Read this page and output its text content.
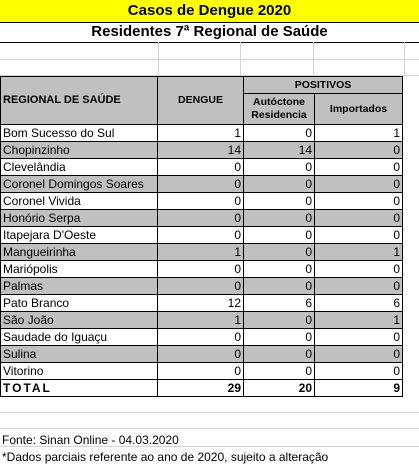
Casos de Dengue 2020
Residentes 7ª Regional de Saúde
REGIONAL DE SAÚDE	DENGUE	POSITIVOS	
		Autóctone Residencia	Importados
Bom Sucesso do Sul	1	0	1
Chopinzinho	14	14	0
Clevelândia	0	0	0
Coronel Domingos Soares	0	0	0
Coronel Vivida	0	0	0
Honório Serpa	0	0	0
Itapejara D'Oeste	0	0	0
Mangueirinha	1	0	1
Mariópolis	0	0	0
Palmas	0	0	0
Pato Branco	12	6	6
São João	1	0	1
Saudade do Iguaçu	0	0	0
Sulina	0	0	0
Vitorino	0	0	0
TOTAL	29	20	9
Fonte: Sinan Online - 04.03.2020
*Dados parciais referente ao ano de 2020, sujeito a alteração
